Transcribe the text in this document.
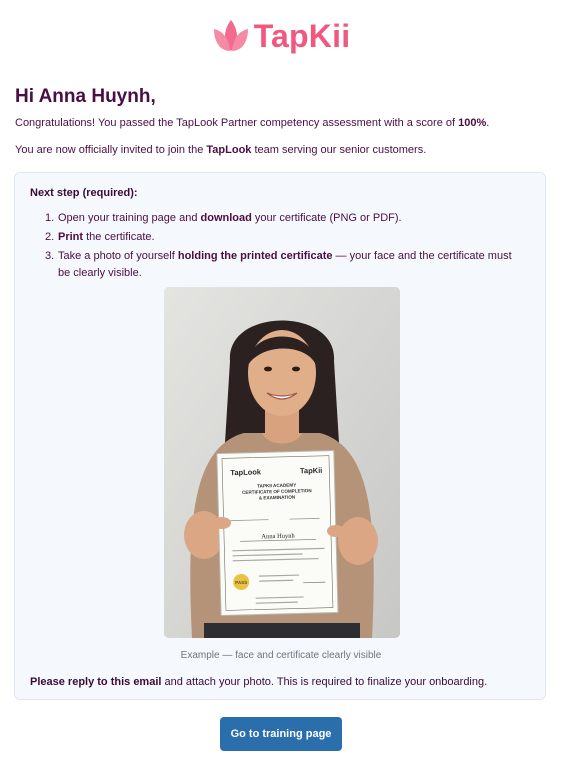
TapKii
Hi Anna Huynh,

Congratulations! You passed the TapLook Partner competency assessment with a score of 100%.

You are now officially invited to join the TapLook team serving our senior customers.

Next step (required):

1. Open your training page and download your certificate (PNG or PDF).
2. Print the certificate.
3. Take a photo of yourself holding the printed certificate — your face and the certificate must be clearly visible.
TapLook	TapKii
TAPKII ACADEMY
CERTIFICATE OF COMPLETION
& EXAMINATION
Anna Huynh
PASS

Example — face and certificate clearly visible

Please reply to this email and attach your photo. This is required to finalize your onboarding.

Go to training page
